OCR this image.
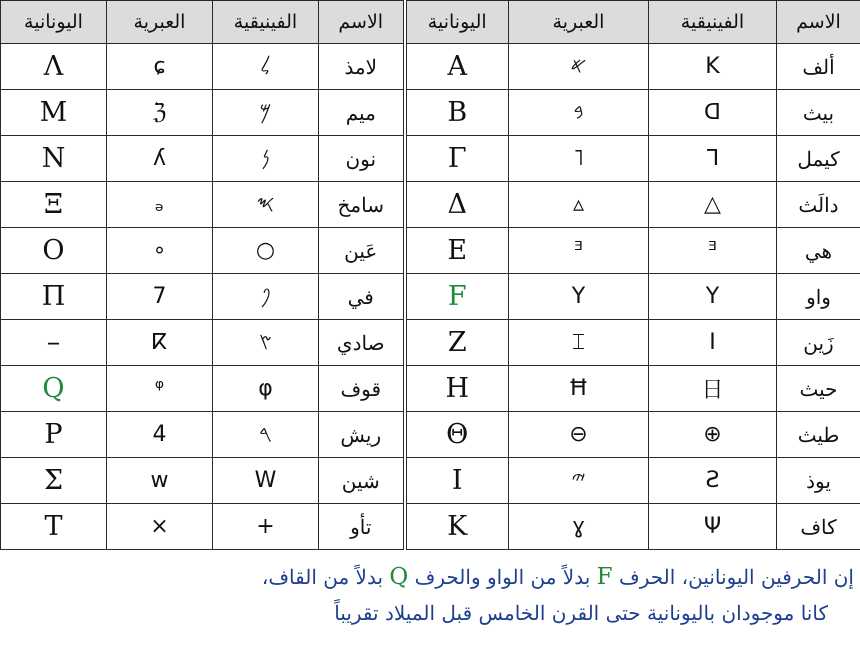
اليونانية	العبرية	الفينيقية	الاسم	اليونانية	العبرية	الفينيقية	الاسم
Λ	ɕ	𐤋	لامذ	A	𐤀	K	ألف
M	ℨ	𐤌	ميم	B	𐤁	ᗡ	بيث
N	ʎ	𐤍	نون	Γ	˥	ᒣ	كيمل
Ξ	ₔ	𐤎	سامخ	Δ	▵	△	دالَث
O	∘	○	عَين	E	ᴲ	ᴲ	هي
Π	7	𐤐	في	F	Y	Y	واو
–	ⴽ	𐤑	صادي	Z	⌶	I	زَين
Q	ᵠ	φ	قوف	H	Ħ	日	حيث
P	4	𐤓	ريش	Θ	⊖	⊕	طيث
Σ	ᴡ	W	شين	I	𐤉	Ƨ	يوذ
T	×	+	تأو	K	ɣ	Ψ	كاف
إن الحرفين اليونانين، الحرف F بدلاً من الواو والحرف Q بدلاً من القاف،
كانا موجودان باليونانية حتى القرن الخامس قبل الميلاد تقريباً
